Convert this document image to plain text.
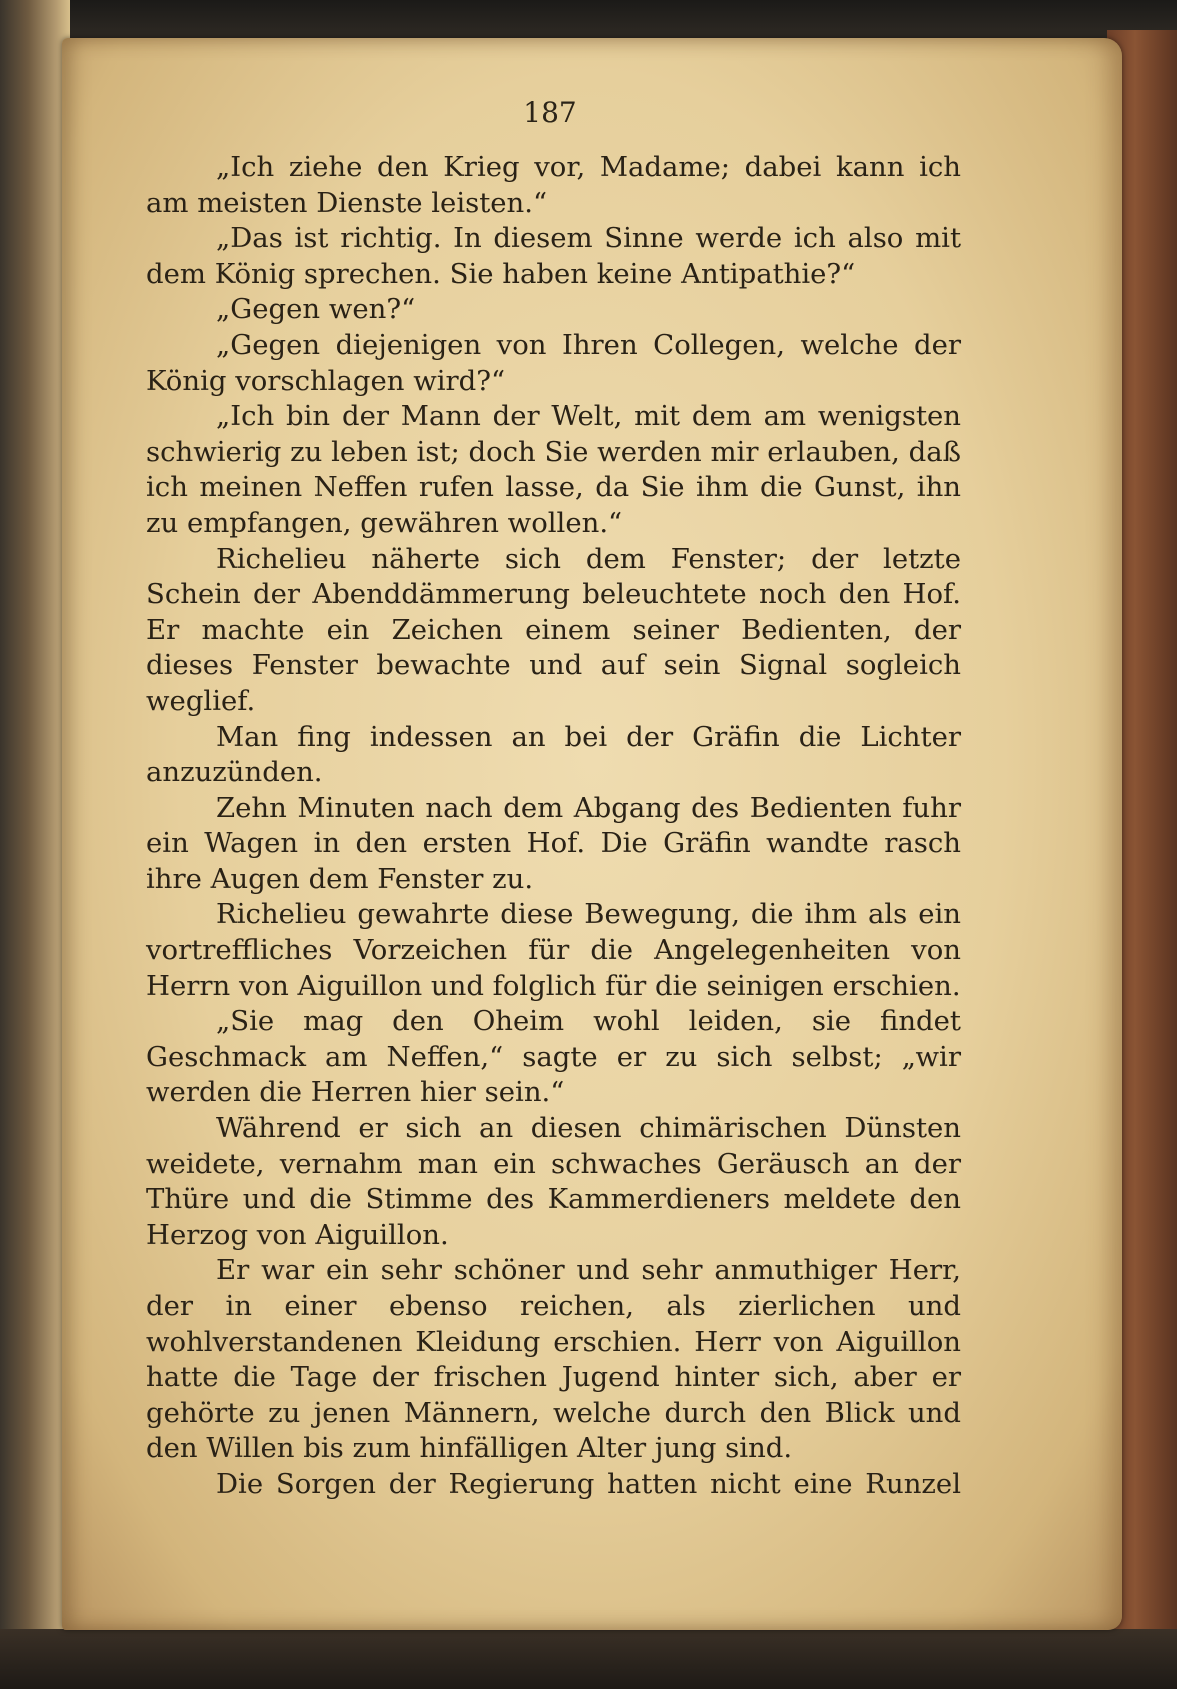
187

„Ich ziehe den Krieg vor, Madame; dabei kann ich am meisten Dienste leisten.“

„Das ist richtig. In diesem Sinne werde ich also mit dem König sprechen. Sie haben keine Antipathie?“

„Gegen wen?“

„Gegen diejenigen von Ihren Collegen, welche der König vorschlagen wird?“

„Ich bin der Mann der Welt, mit dem am wenigsten schwierig zu leben ist; doch Sie werden mir erlauben, daß ich meinen Neffen rufen lasse, da Sie ihm die Gunst, ihn zu empfangen, gewähren wollen.“

Richelieu näherte sich dem Fenster; der letzte Schein der Abenddämmerung beleuchtete noch den Hof. Er machte ein Zeichen einem seiner Bedienten, der dieses Fenster bewachte und auf sein Signal sogleich weglief.

Man fing indessen an bei der Gräfin die Lichter anzuzünden.

Zehn Minuten nach dem Abgang des Bedienten fuhr ein Wagen in den ersten Hof. Die Gräfin wandte rasch ihre Augen dem Fenster zu.

Richelieu gewahrte diese Bewegung, die ihm als ein vortreffliches Vorzeichen für die Angelegenheiten von Herrn von Aiguillon und folglich für die seinigen erschien.

„Sie mag den Oheim wohl leiden, sie findet Geschmack am Neffen,“ sagte er zu sich selbst; „wir werden die Herren hier sein.“

Während er sich an diesen chimärischen Dünsten weidete, vernahm man ein schwaches Geräusch an der Thüre und die Stimme des Kammerdieners meldete den Herzog von Aiguillon.

Er war ein sehr schöner und sehr anmuthiger Herr, der in einer ebenso reichen, als zierlichen und wohlverstandenen Kleidung erschien. Herr von Aiguillon hatte die Tage der frischen Jugend hinter sich, aber er gehörte zu jenen Männern, welche durch den Blick und den Willen bis zum hinfälligen Alter jung sind.

Die Sorgen der Regierung hatten nicht eine Runzel
